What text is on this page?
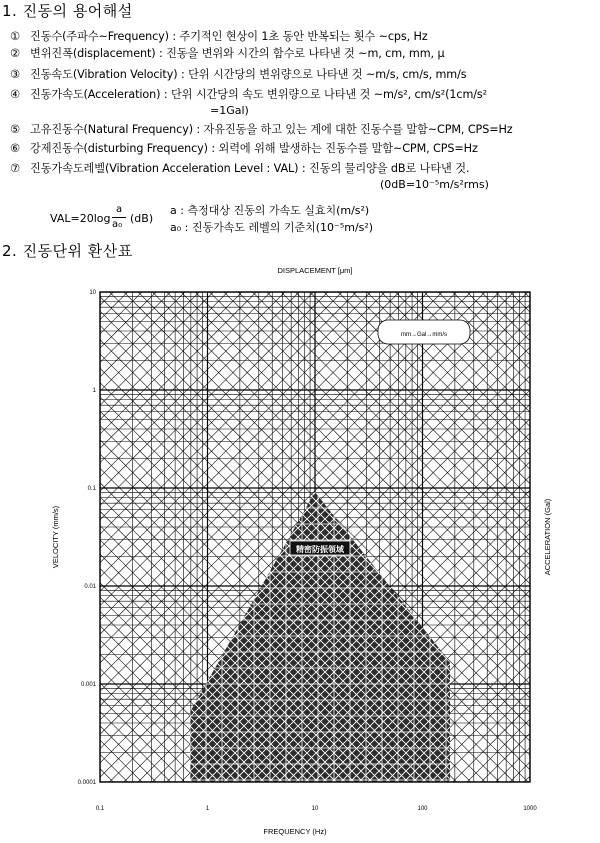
1. 진동의 용어해설
① 진동수(주파수~Frequency) : 주기적인 현상이 1초 동안 반복되는 횟수 ~cps, Hz
② 변위진폭(displacement) : 진동을 변위와 시간의 함수로 나타낸 것 ~m, cm, mm, μ
③ 진동속도(Vibration Velocity) : 단위 시간당의 변위량으로 나타낸 것 ~m/s, cm/s, mm/s
④ 진동가속도(Acceleration) : 단위 시간당의 속도 변위량으로 나타낸 것 ~m/s², cm/s²(1cm/s²
=1Gal)
⑤ 고유진동수(Natural Frequency) : 자유진동을 하고 있는 계에 대한 진동수를 말함~CPM, CPS=Hz
⑥ 강제진동수(disturbing Frequency) : 외력에 위해 발생하는 진동수를 말함~CPM, CPS=Hz
⑦ 진동가속도레벨(Vibration Acceleration Level : VAL) : 진동의 물리양을 dB로 나타낸 것.
(0dB=10⁻⁵m/s²rms)
VAL=20log
a
a₀ (dB)
a : 측정대상 진동의 가속도 실효치(m/s²)
a₀ : 진동가속도 레벨의 기준치(10⁻⁵m/s²)
2. 진동단위 환산표
mm→Gal→mm/s
精密防振領域
DISPLACEMENT [μm]
FREQUENCY (Hz)
VELOCITY (mm/s)	ACCELERATION (Gal)
0.1	1	10	100	1000
10
1
0.1
0.01
0.001
0.0001
